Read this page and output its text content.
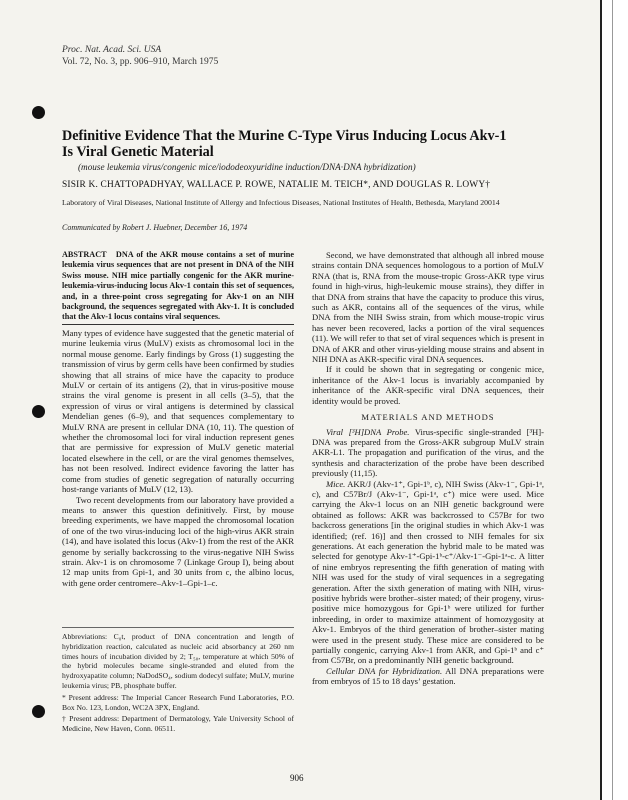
Proc. Nat. Acad. Sci. USA
Vol. 72, No. 3, pp. 906–910, March 1975
Definitive Evidence That the Murine C-Type Virus Inducing Locus Akv-1
Is Viral Genetic Material
(mouse leukemia virus/congenic mice/iododeoxyuridine induction/DNA·DNA hybridization)
SISIR K. CHATTOPADHYAY, WALLACE P. ROWE, NATALIE M. TEICH*, AND DOUGLAS R. LOWY†
Laboratory of Viral Diseases, National Institute of Allergy and Infectious Diseases, National Institutes of Health, Bethesda, Maryland 20014
Communicated by Robert J. Huebner, December 16, 1974
ABSTRACT DNA of the AKR mouse contains a set of murine leukemia virus sequences that are not present in DNA of the NIH Swiss mouse. NIH mice partially congenic for the AKR murine-leukemia-virus-inducing locus Akv-1 contain this set of sequences, and, in a three-point cross segregating for Akv-1 on an NIH background, the sequences segregated with Akv-1. It is concluded that the Akv-1 locus contains viral sequences.

Many types of evidence have suggested that the genetic material of murine leukemia virus (MuLV) exists as chromosomal loci in the normal mouse genome. Early findings by Gross (1) suggesting the transmission of virus by germ cells have been confirmed by studies showing that all strains of mice have the capacity to produce MuLV or certain of its antigens (2), that in virus-positive mouse strains the viral genome is present in all cells (3–5), that the expression of virus or viral antigens is determined by classical Mendelian genes (6–9), and that sequences complementary to MuLV RNA are present in cellular DNA (10, 11). The question of whether the chromosomal loci for viral induction represent genes that are permissive for expression of MuLV genetic material located elsewhere in the cell, or are the viral genomes themselves, has not been resolved. Indirect evidence favoring the latter has come from studies of genetic segregation of naturally occurring host-range variants of MuLV (12, 13).

Two recent developments from our laboratory have provided a means to answer this question definitively. First, by mouse breeding experiments, we have mapped the chromosomal location of one of the two virus-inducing loci of the high-virus AKR strain (14), and have isolated this locus (Akv-1) from the rest of the AKR genome by serially backcrossing to the virus-negative NIH Swiss strain. Akv-1 is on chromosome 7 (Linkage Group I), being about 12 map units from Gpi-1, and 30 units from c, the albino locus, with gene order centromere–Akv-1–Gpi-1–c.

Abbreviations: C₀t, product of DNA concentration and length of hybridization reaction, calculated as nucleic acid absorbancy at 260 nm times hours of incubation divided by 2; T₅₀, temperature at which 50% of the hybrid molecules became single-stranded and eluted from the hydroxyapatite column; NaDodSO₄, sodium dodecyl sulfate; MuLV, murine leukemia virus; PB, phosphate buffer.

* Present address: The Imperial Cancer Research Fund Laboratories, P.O. Box No. 123, London, WC2A 3PX, England.

† Present address: Department of Dermatology, Yale University School of Medicine, New Haven, Conn. 06511.

Second, we have demonstrated that although all inbred mouse strains contain DNA sequences homologous to a portion of MuLV RNA (that is, RNA from the mouse-tropic Gross-AKR type virus found in high-virus, high-leukemic mouse strains), they differ in that DNA from strains that have the capacity to produce this virus, such as AKR, contains all of the sequences of the virus, while DNA from the NIH Swiss strain, from which mouse-tropic virus has never been recovered, lacks a portion of the viral sequences (11). We will refer to that set of viral sequences which is present in DNA of AKR and other virus-yielding mouse strains and absent in NIH DNA as AKR-specific viral DNA sequences.

If it could be shown that in segregating or congenic mice, inheritance of the Akv-1 locus is invariably accompanied by inheritance of the AKR-specific viral DNA sequences, their identity would be proved.

MATERIALS AND METHODS

Viral [³H]DNA Probe. Virus-specific single-stranded [³H]-DNA was prepared from the Gross-AKR subgroup MuLV strain AKR-L1. The propagation and purification of the virus, and the synthesis and characterization of the probe have been described previously (11,15).

Mice. AKR/J (Akv-1⁺, Gpi-1ᵇ, c), NIH Swiss (Akv-1⁻, Gpi-1ᵃ, c), and C57Br/J (Akv-1⁻, Gpi-1ᵃ, c⁺) mice were used. Mice carrying the Akv-1 locus on an NIH genetic background were obtained as follows: AKR was backcrossed to C57Br for two backcross generations [in the original studies in which Akv-1 was identified; (ref. 16)] and then crossed to NIH females for six generations. At each generation the hybrid male to be mated was selected for genotype Akv-1⁺-Gpi-1ᵇ-c⁺/Akv-1⁻-Gpi-1ᵃ-c. A litter of nine embryos representing the fifth generation of mating with NIH was used for the study of viral sequences in a segregating generation. After the sixth generation of mating with NIH, virus-positive hybrids were brother–sister mated; of their progeny, virus-positive mice homozygous for Gpi-1ᵇ were utilized for further inbreeding, in order to maximize attainment of homozygosity at Akv-1. Embryos of the third generation of brother–sister mating were used in the present study. These mice are considered to be partially congenic, carrying Akv-1 from AKR, and Gpi-1ᵇ and c⁺ from C57Br, on a predominantly NIH genetic background.

Cellular DNA for Hybridization. All DNA preparations were from embryos of 15 to 18 days’ gestation.

906
